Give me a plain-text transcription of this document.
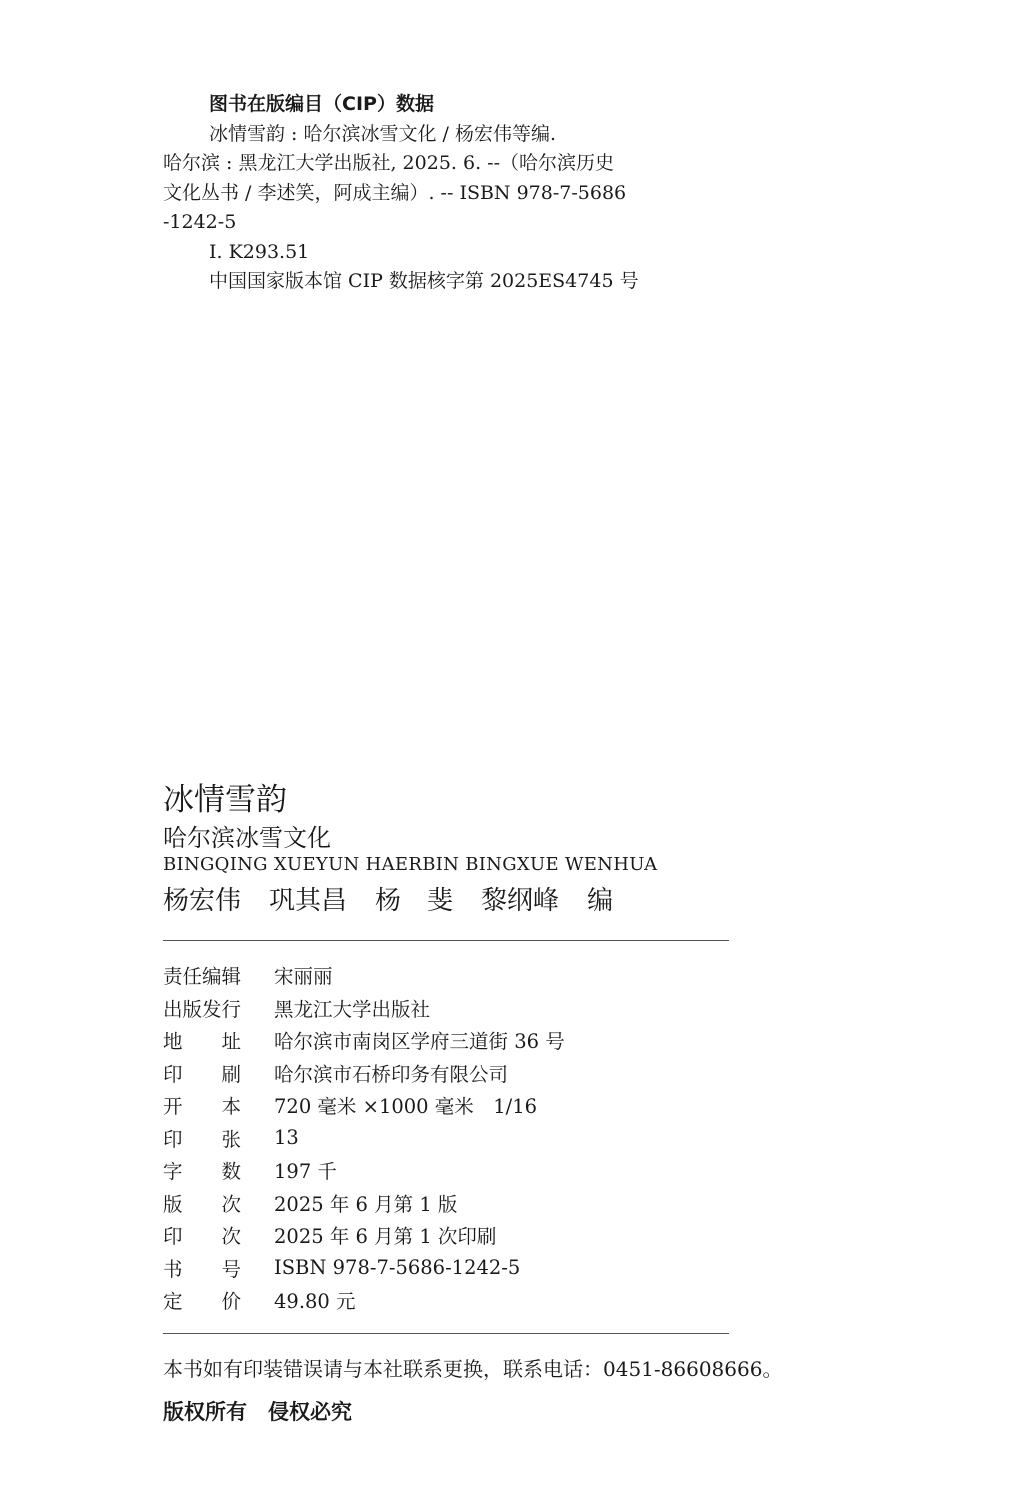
图书在版编目（CIP）数据
冰情雪韵 : 哈尔滨冰雪文化 / 杨宏伟等编.
哈尔滨 : 黑龙江大学出版社, 2025. 6. --（哈尔滨历史
文化丛书 / 李述笑，阿成主编）. -- ISBN 978-7-5686
-1242-5
Ⅰ. K293.51
中国国家版本馆 CIP 数据核字第 2025ES4745 号
冰情雪韵
哈尔滨冰雪文化
BINGQING XUEYUN HAERBIN BINGXUE WENHUA
杨宏伟 巩其昌 杨　斐 黎纲峰 编
责任编辑	宋丽丽
出版发行	黑龙江大学出版社
地　　址	哈尔滨市南岗区学府三道街 36 号
印　　刷	哈尔滨市石桥印务有限公司
开　　本	720 毫米 ×1000 毫米　1/16
印　　张	13
字　　数	197 千
版　　次	2025 年 6 月第 1 版
印　　次	2025 年 6 月第 1 次印刷
书　　号	ISBN 978-7-5686-1242-5
定　　价	49.80 元
本书如有印装错误请与本社联系更换，联系电话：0451-86608666。
版权所有　侵权必究
